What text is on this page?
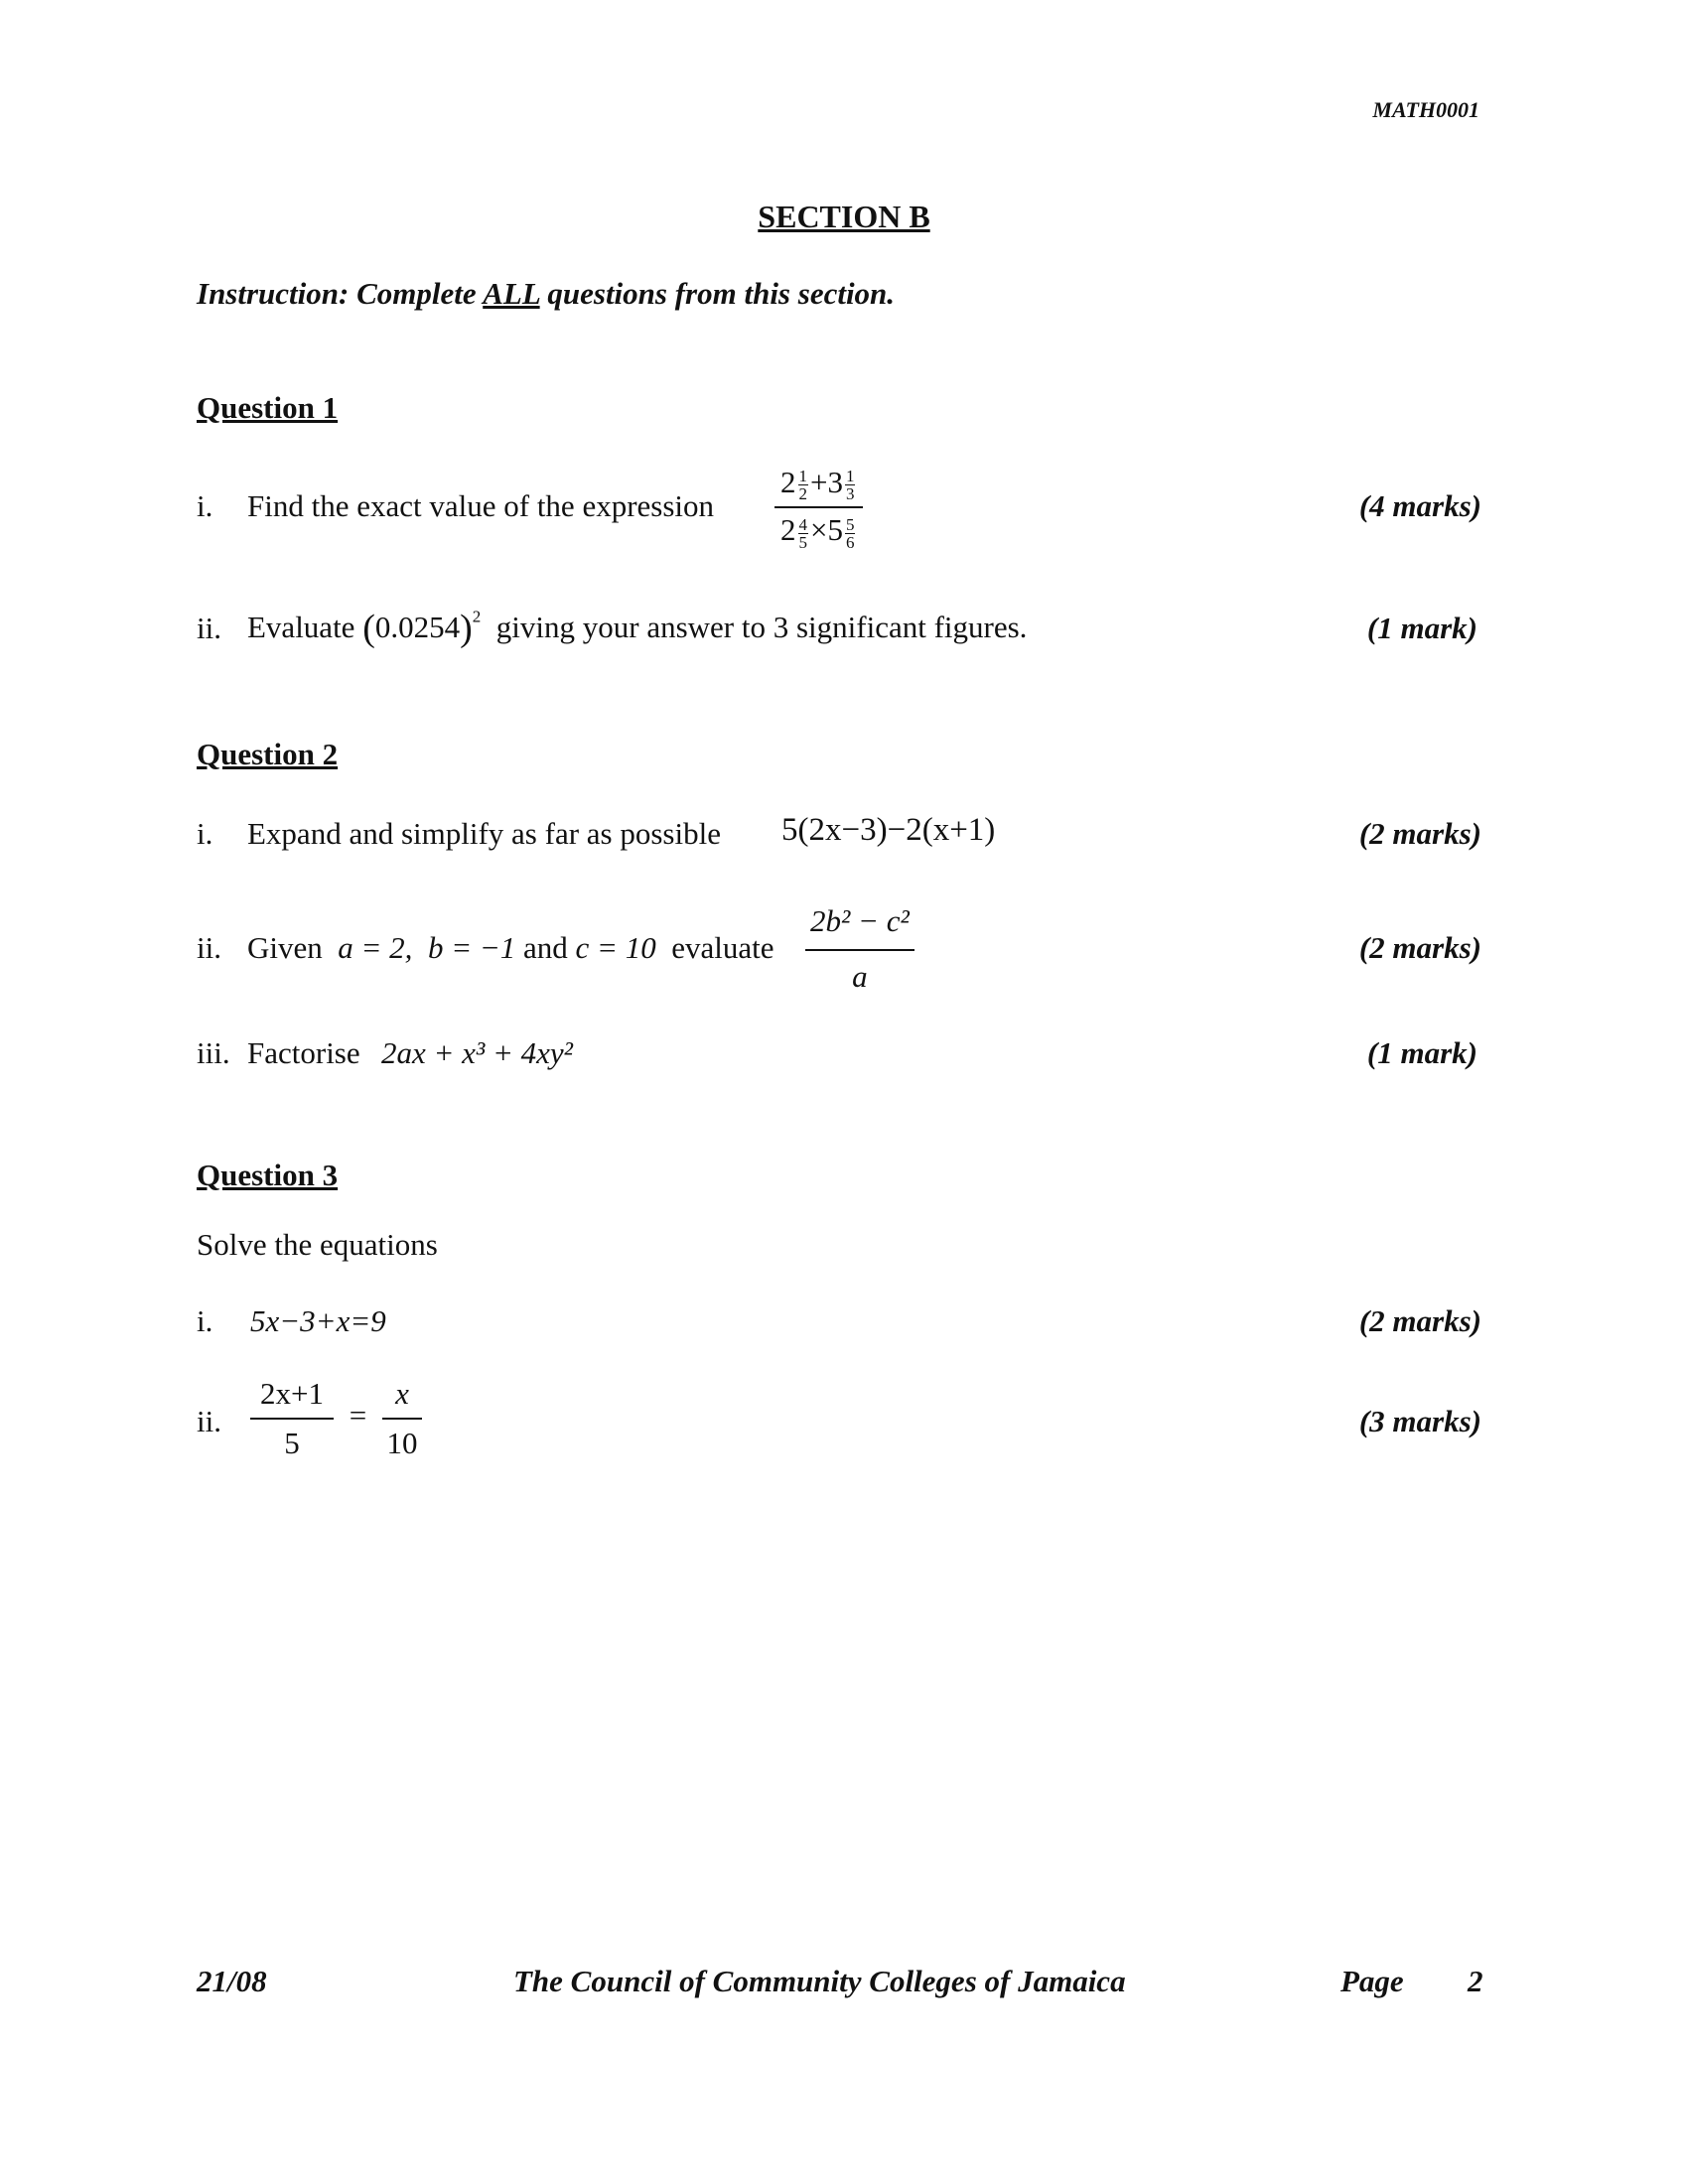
MATH0001
SECTION B
Instruction: Complete ALL questions from this section.
Question 1
i. Find the exact value of the expression $\frac{2 \frac{1}{2} +3 \frac{1}{3}}{2 \frac{4}{5} \times 5 \frac{5}{6}}$	(4 marks)
ii. Evaluate $(0.0254)^2$ giving your answer to 3 significant figures.	(1 mark)
Question 2
i. Expand and simplify as far as possible 5(2x−3)−2(x+1)	(2 marks)
ii. Given a = 2, b = −1 and c = 10 evaluate $\frac{\text{2b² − c²}}{a}$	(2 marks)
iii. Factorise 2ax + x³ + 4xy²	(1 mark)
Question 3
Solve the equations
i. 5x−3+x=9	(2 marks)
ii. $\frac{2x+1}{5} = \frac{x}{10}$	(3 marks)
21/08	The Council of Community Colleges of Jamaica	Page 2
